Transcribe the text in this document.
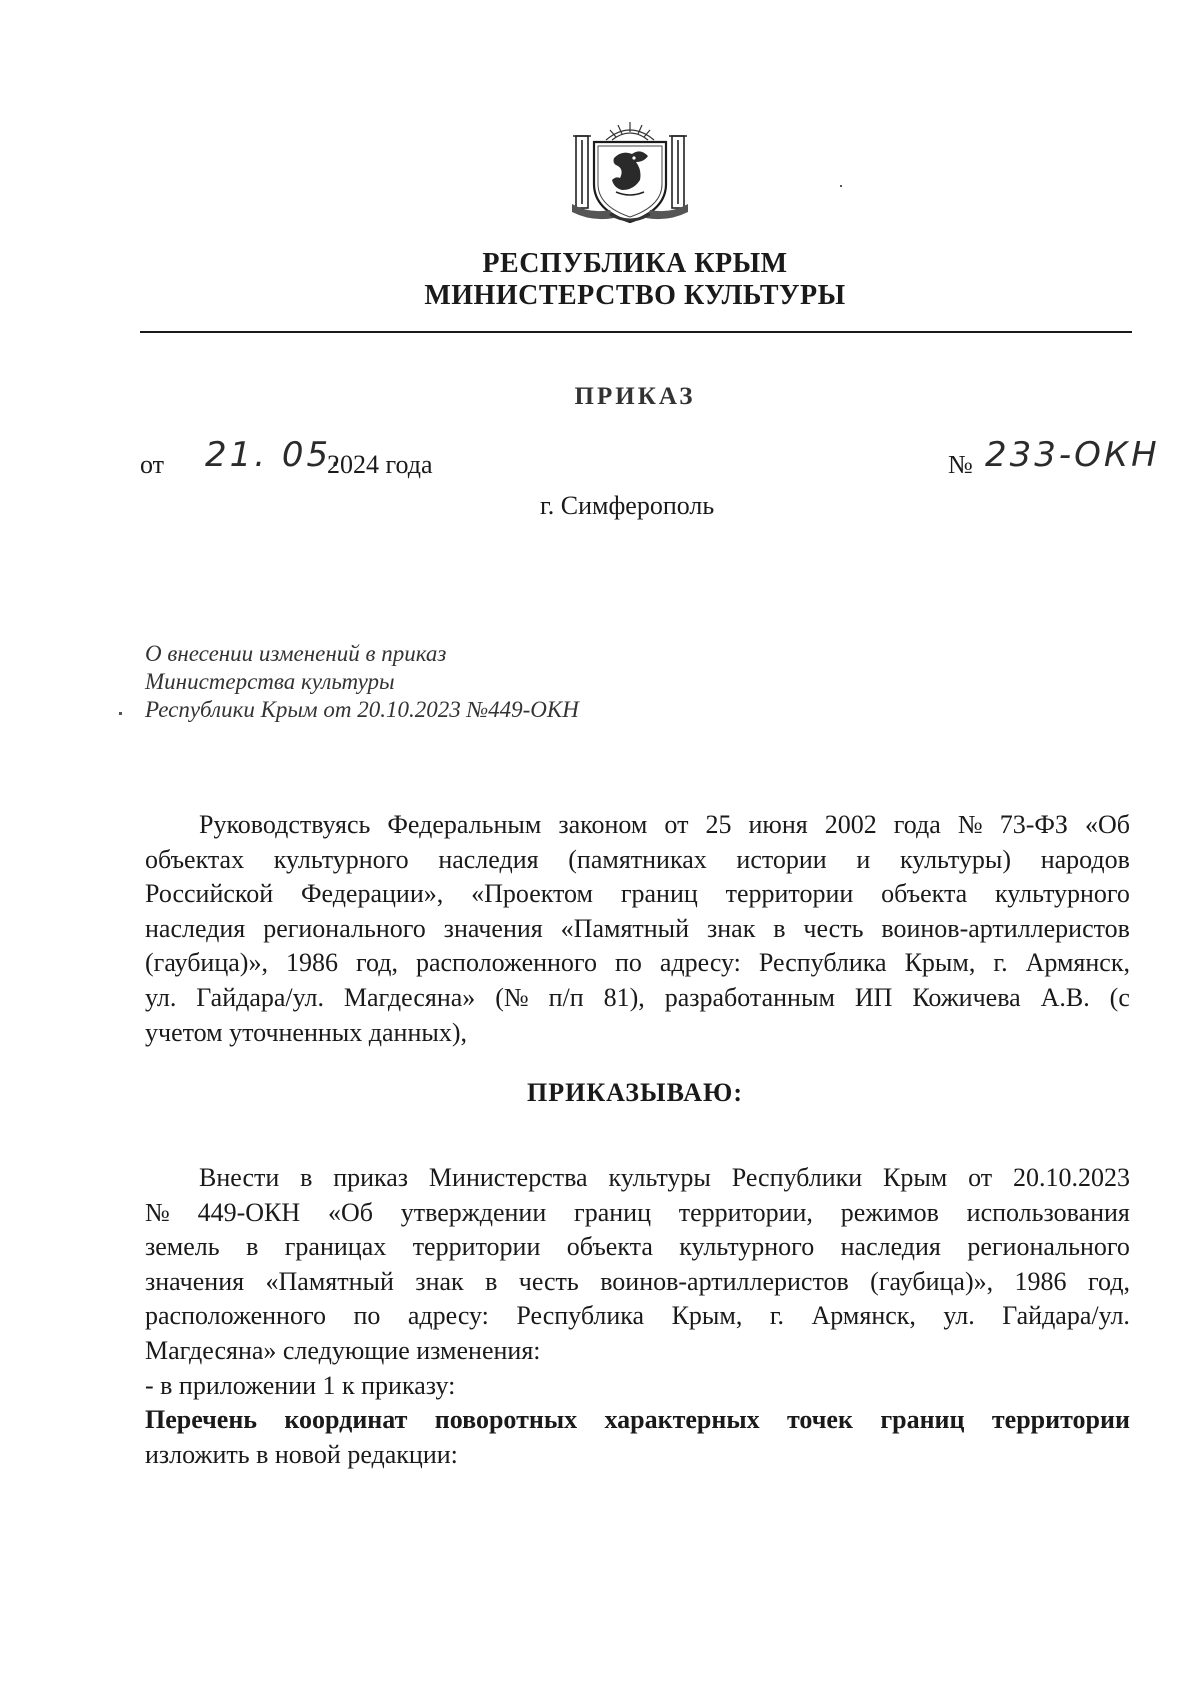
РЕСПУБЛИКА КРЫМ
МИНИСТЕРСТВО КУЛЬТУРЫ
ПРИКАЗ
от 21. 05.
2024 года	№ 233-ОКН
г. Симферополь
О внесении изменений в приказ
Министерства культуры
Республики Крым от 20.10.2023 №449-ОКН
Руководствуясь Федеральным законом от 25 июня 2002 года № 73-ФЗ «Об
объектах культурного наследия (памятниках истории и культуры) народов
Российской Федерации», «Проектом границ территории объекта культурного
наследия регионального значения «Памятный знак в честь воинов-артиллеристов
(гаубица)», 1986 год, расположенного по адресу: Республика Крым, г. Армянск,
ул. Гайдара/ул. Магдесяна» (№ п/п 81), разработанным ИП Кожичева А.В. (с
учетом уточненных данных),
ПРИКАЗЫВАЮ:
Внести в приказ Министерства культуры Республики Крым от 20.10.2023
№ 449-ОКН «Об утверждении границ территории, режимов использования
земель в границах территории объекта культурного наследия регионального
значения «Памятный знак в честь воинов-артиллеристов (гаубица)», 1986 год,
расположенного по адресу: Республика Крым, г. Армянск, ул. Гайдара/ул.
Магдесяна» следующие изменения:
- в приложении 1 к приказу:
Перечень координат поворотных характерных точек границ территории
изложить в новой редакции:
